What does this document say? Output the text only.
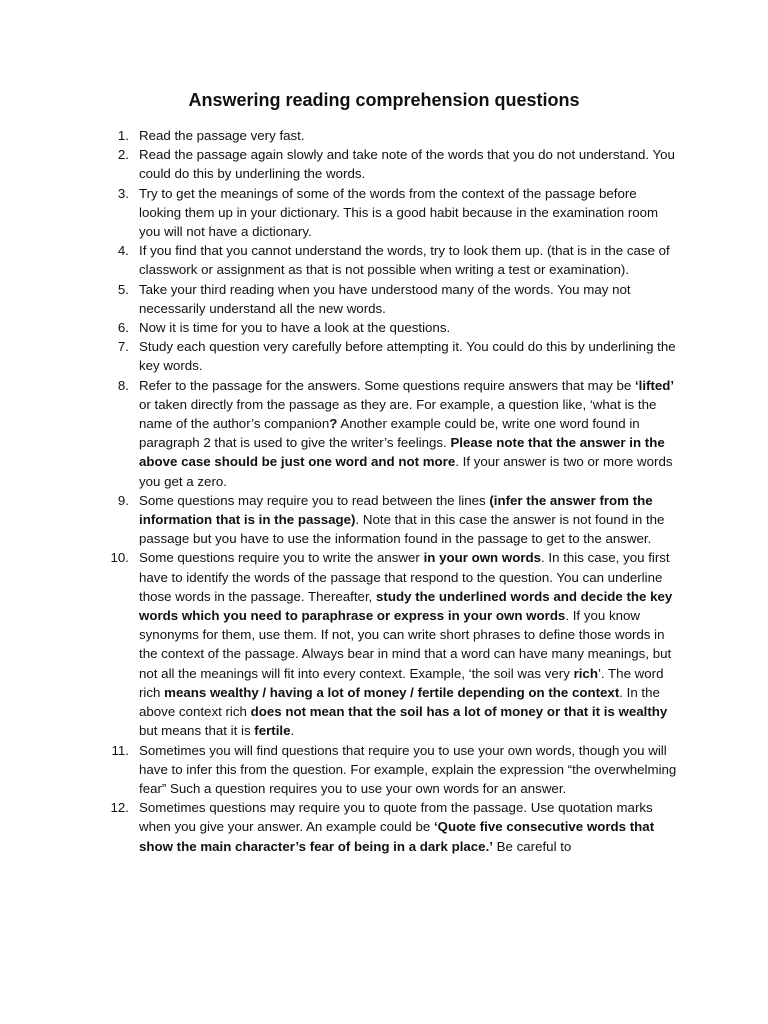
Answering reading comprehension questions
1. Read the passage very fast.
2. Read the passage again slowly and take note of the words that you do not understand. You could do this by underlining the words.
3. Try to get the meanings of some of the words from the context of the passage before looking them up in your dictionary. This is a good habit because in the examination room you will not have a dictionary.
4. If you find that you cannot understand the words, try to look them up. (that is in the case of classwork or assignment as that is not possible when writing a test or examination).
5. Take your third reading when you have understood many of the words. You may not necessarily understand all the new words.
6. Now it is time for you to have a look at the questions.
7. Study each question very carefully before attempting it. You could do this by underlining the key words.
8. Refer to the passage for the answers. Some questions require answers that may be ‘lifted’ or taken directly from the passage as they are. For example, a question like, ‘what is the name of the author’s companion? Another example could be, write one word found in paragraph 2 that is used to give the writer’s feelings. Please note that the answer in the above case should be just one word and not more. If your answer is two or more words you get a zero.
9. Some questions may require you to read between the lines (infer the answer from the information that is in the passage). Note that in this case the answer is not found in the passage but you have to use the information found in the passage to get to the answer.
10. Some questions require you to write the answer in your own words. In this case, you first have to identify the words of the passage that respond to the question. You can underline those words in the passage. Thereafter, study the underlined words and decide the key words which you need to paraphrase or express in your own words. If you know synonyms for them, use them. If not, you can write short phrases to define those words in the context of the passage. Always bear in mind that a word can have many meanings, but not all the meanings will fit into every context. Example, ‘the soil was very rich’. The word rich means wealthy / having a lot of money / fertile depending on the context. In the above context rich does not mean that the soil has a lot of money or that it is wealthy but means that it is fertile.
11. Sometimes you will find questions that require you to use your own words, though you will have to infer this from the question. For example, explain the expression “the overwhelming fear” Such a question requires you to use your own words for an answer.
12. Sometimes questions may require you to quote from the passage. Use quotation marks when you give your answer. An example could be ‘Quote five consecutive words that show the main character’s fear of being in a dark place.’ Be careful to
